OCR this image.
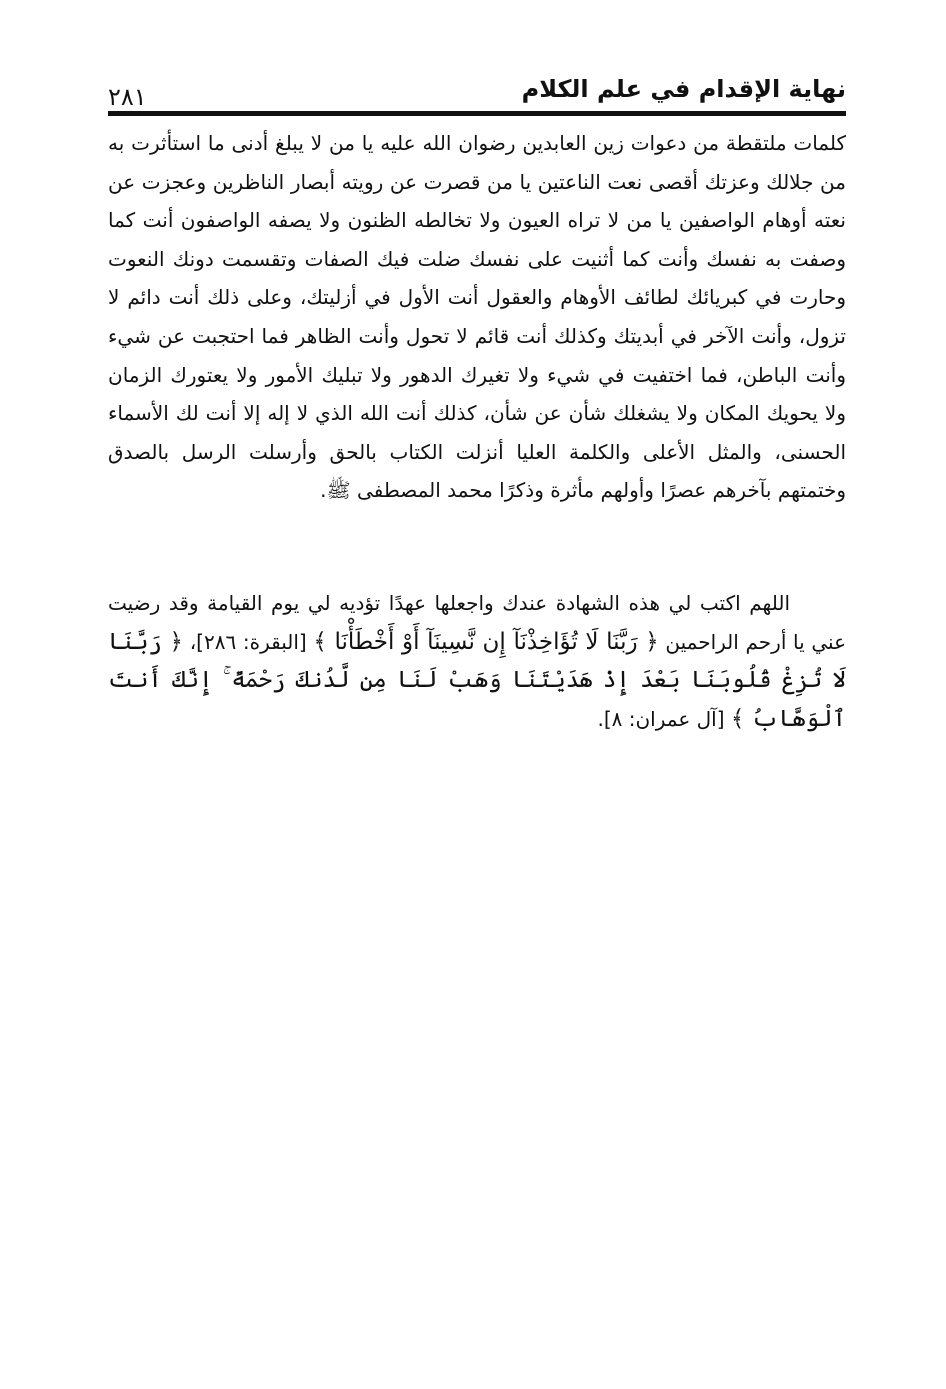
نهاية الإقدام في علم الكلام
٢٨١

كلمات ملتقطة من دعوات زين العابدين رضوان الله عليه يا من لا يبلغ أدنى ما استأثرت به من جلالك وعزتك أقصى نعت الناعتين يا من قصرت عن رويته أبصار الناظرين وعجزت عن نعته أوهام الواصفين يا من لا تراه العيون ولا تخالطه الظنون ولا يصفه الواصفون أنت كما وصفت به نفسك وأنت كما أثنيت على نفسك ضلت فيك الصفات وتقسمت دونك النعوت وحارت في كبريائك لطائف الأوهام والعقول أنت الأول في أزليتك، وعلى ذلك أنت دائم لا تزول، وأنت الآخر في أبديتك وكذلك أنت قائم لا تحول وأنت الظاهر فما احتجبت عن شيء وأنت الباطن، فما اختفيت في شيء ولا تغيرك الدهور ولا تبليك الأمور ولا يعتورك الزمان ولا يحويك المكان ولا يشغلك شأن عن شأن، كذلك أنت الله الذي لا إله إلا أنت لك الأسماء الحسنى، والمثل الأعلى والكلمة العليا أنزلت الكتاب بالحق وأرسلت الرسل بالصدق وختمتهم بآخرهم عصرًا وأولهم مأثرة وذكرًا محمد المصطفى ﷺ.

اللهم اكتب لي هذه الشهادة عندك واجعلها عهدًا تؤديه لي يوم القيامة وقد رضيت عني يا أرحم الراحمين ﴿ رَبَّنَا لَا تُؤَاخِذْنَآ إِن نَّسِينَآ أَوْ أَخْطَأْنَا ﴾ [البقرة: ٢٨٦]، ﴿ رَبَّنَا لَا تُزِغْ قُلُوبَنَا بَعْدَ إِذْ هَدَيْتَنَا وَهَبْ لَنَا مِن لَّدُنكَ رَحْمَةً ۚ إِنَّكَ أَنتَ ٱلْوَهَّابُ ﴾ [آل عمران: ٨].
